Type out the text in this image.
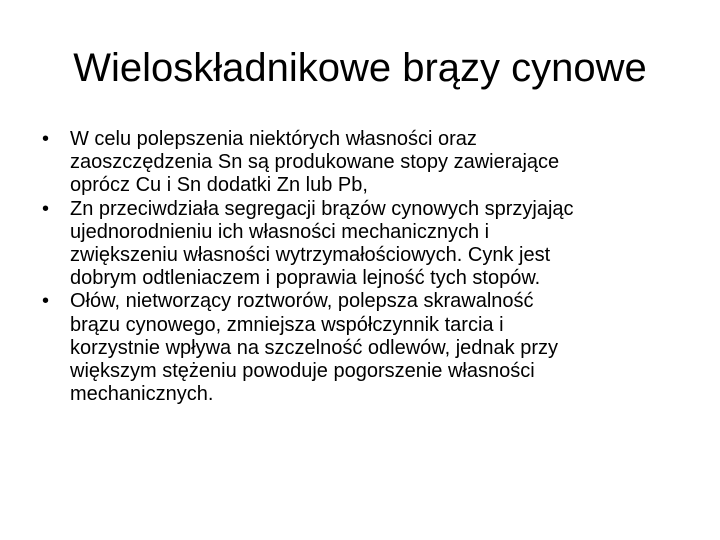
Wieloskładnikowe brązy cynowe
• W celu polepszenia niektórych własności oraz
zaoszczędzenia Sn są produkowane stopy zawierające
oprócz Cu i Sn dodatki Zn lub Pb,
• Zn przeciwdziała segregacji brązów cynowych sprzyjając
ujednorodnieniu ich własności mechanicznych i
zwiększeniu własności wytrzymałościowych. Cynk jest
dobrym odtleniaczem i poprawia lejność tych stopów.
• Ołów, nietworzący roztworów, polepsza skrawalność
brązu cynowego, zmniejsza współczynnik tarcia i
korzystnie wpływa na szczelność odlewów, jednak przy
większym stężeniu powoduje pogorszenie własności
mechanicznych.
